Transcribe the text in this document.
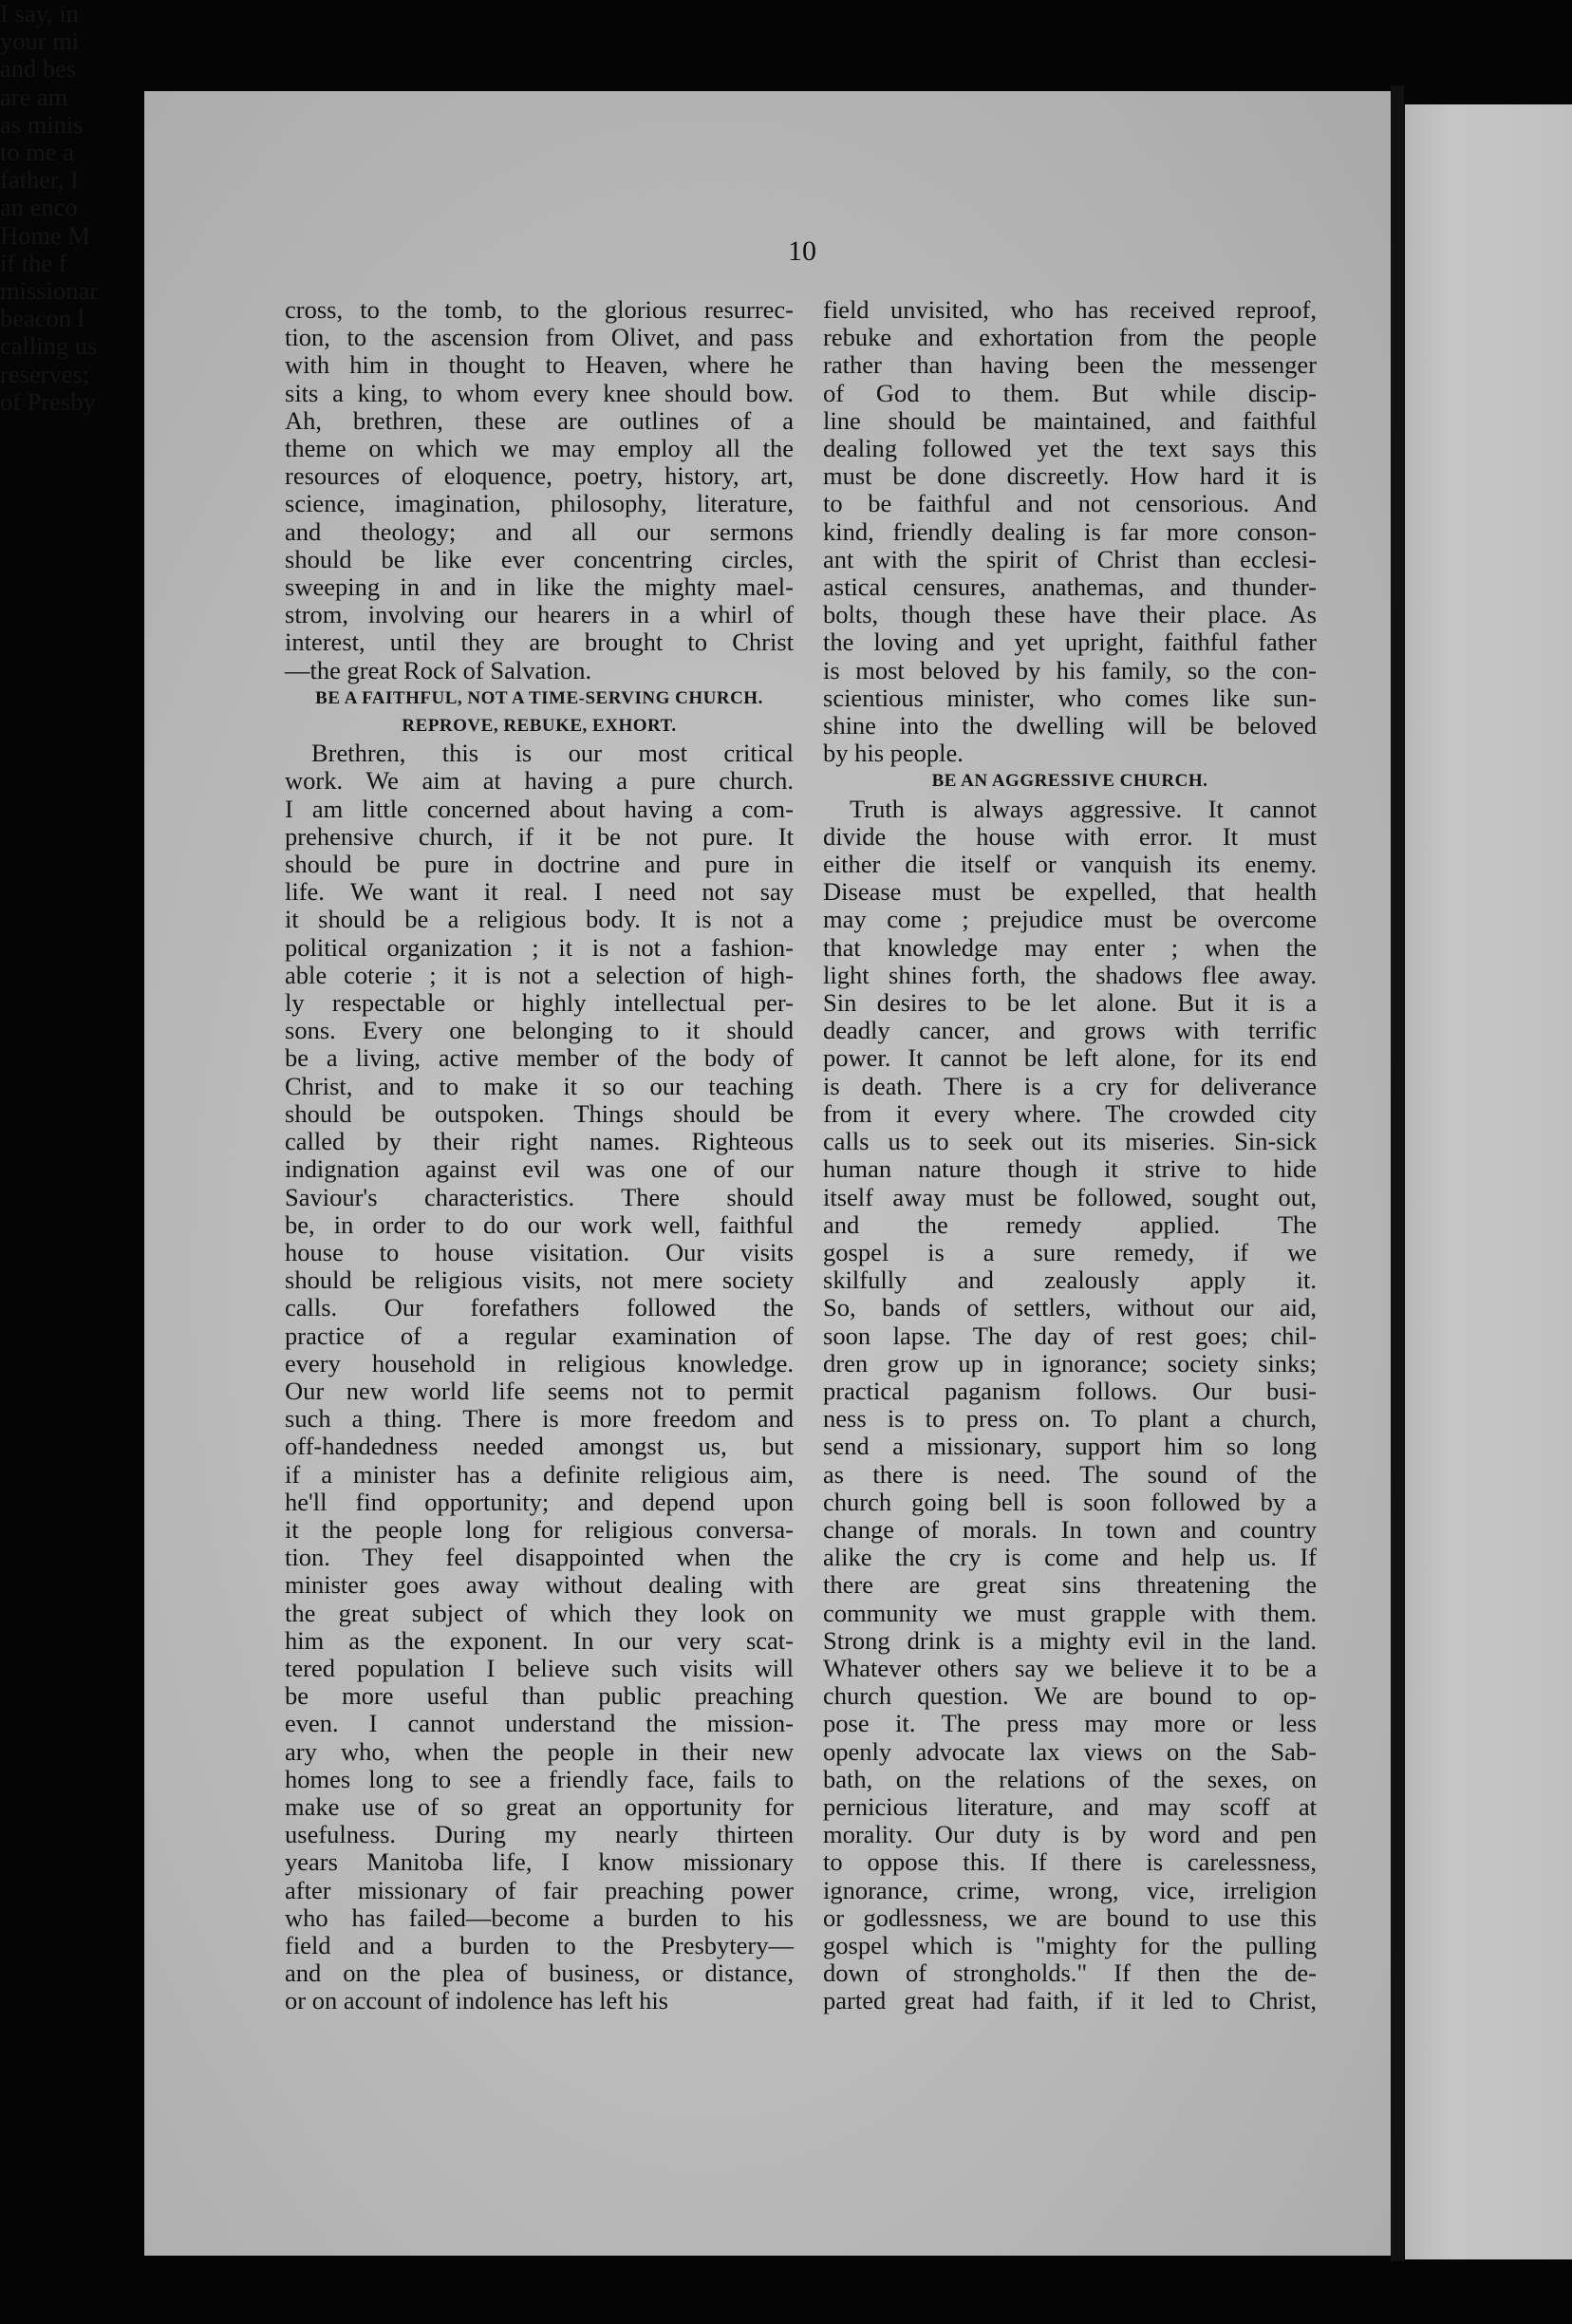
10
cross, to the tomb, to the glorious resurrec-
tion, to the ascension from Olivet, and pass
with him in thought to Heaven, where he
sits a king, to whom every knee should bow.
Ah, brethren, these are outlines of a
theme on which we may employ all the
resources of eloquence, poetry, history, art,
science, imagination, philosophy, literature,
and theology; and all our sermons
should be like ever concentring circles,
sweeping in and in like the mighty mael-
strom, involving our hearers in a whirl of
interest, until they are brought to Christ
—the great Rock of Salvation.
BE A FAITHFUL, NOT A TIME-SERVING CHURCH.
REPROVE, REBUKE, EXHORT.
Brethren, this is our most critical
work. We aim at having a pure church.
I am little concerned about having a com-
prehensive church, if it be not pure. It
should be pure in doctrine and pure in
life. We want it real. I need not say
it should be a religious body. It is not a
political organization ; it is not a fashion-
able coterie ; it is not a selection of high-
ly respectable or highly intellectual per-
sons. Every one belonging to it should
be a living, active member of the body of
Christ, and to make it so our teaching
should be outspoken. Things should be
called by their right names. Righteous
indignation against evil was one of our
Saviour's characteristics. There should
be, in order to do our work well, faithful
house to house visitation. Our visits
should be religious visits, not mere society
calls. Our forefathers followed the
practice of a regular examination of
every household in religious knowledge.
Our new world life seems not to permit
such a thing. There is more freedom and
off-handedness needed amongst us, but
if a minister has a definite religious aim,
he'll find opportunity; and depend upon
it the people long for religious conversa-
tion. They feel disappointed when the
minister goes away without dealing with
the great subject of which they look on
him as the exponent. In our very scat-
tered population I believe such visits will
be more useful than public preaching
even. I cannot understand the mission-
ary who, when the people in their new
homes long to see a friendly face, fails to
make use of so great an opportunity for
usefulness. During my nearly thirteen
years Manitoba life, I know missionary
after missionary of fair preaching power
who has failed—become a burden to his
field and a burden to the Presbytery—
and on the plea of business, or distance,
or on account of indolence has left his
field unvisited, who has received reproof,
rebuke and exhortation from the people
rather than having been the messenger
of God to them. But while discip-
line should be maintained, and faithful
dealing followed yet the text says this
must be done discreetly. How hard it is
to be faithful and not censorious. And
kind, friendly dealing is far more conson-
ant with the spirit of Christ than ecclesi-
astical censures, anathemas, and thunder-
bolts, though these have their place. As
the loving and yet upright, faithful father
is most beloved by his family, so the con-
scientious minister, who comes like sun-
shine into the dwelling will be beloved
by his people.
BE AN AGGRESSIVE CHURCH.
Truth is always aggressive. It cannot
divide the house with error. It must
either die itself or vanquish its enemy.
Disease must be expelled, that health
may come ; prejudice must be overcome
that knowledge may enter ; when the
light shines forth, the shadows flee away.
Sin desires to be let alone. But it is a
deadly cancer, and grows with terrific
power. It cannot be left alone, for its end
is death. There is a cry for deliverance
from it every where. The crowded city
calls us to seek out its miseries. Sin-sick
human nature though it strive to hide
itself away must be followed, sought out,
and the remedy applied. The
gospel is a sure remedy, if we
skilfully and zealously apply it.
So, bands of settlers, without our aid,
soon lapse. The day of rest goes; chil-
dren grow up in ignorance; society sinks;
practical paganism follows. Our busi-
ness is to press on. To plant a church,
send a missionary, support him so long
as there is need. The sound of the
church going bell is soon followed by a
change of morals. In town and country
alike the cry is come and help us. If
there are great sins threatening the
community we must grapple with them.
Strong drink is a mighty evil in the land.
Whatever others say we believe it to be a
church question. We are bound to op-
pose it. The press may more or less
openly advocate lax views on the Sab-
bath, on the relations of the sexes, on
pernicious literature, and may scoff at
morality. Our duty is by word and pen
to oppose this. If there is carelessness,
ignorance, crime, wrong, vice, irreligion
or godlessness, we are bound to use this
gospel which is "mighty for the pulling
down of strongholds." If then the de-
parted great had faith, if it led to Christ,
I say, in
your mi
and bes
are am
as minis
to me a
father, I
an enco
Home M
if the f
missionar
beacon l
calling us
reserves;
of Presby
